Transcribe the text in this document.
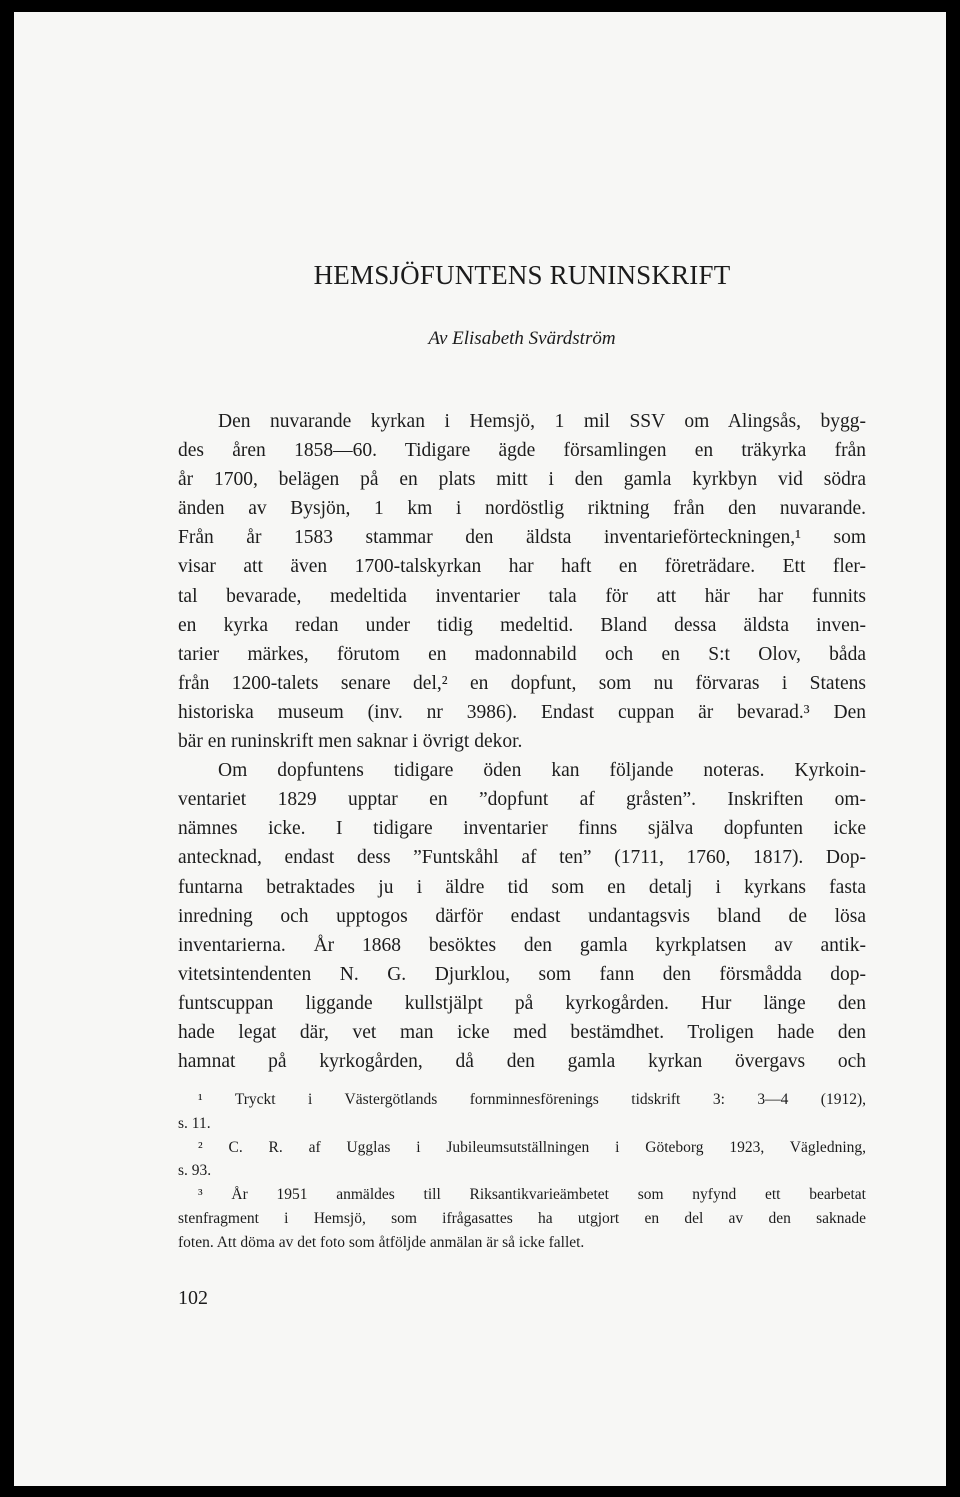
HEMSJÖFUNTENS RUNINSKRIFT
Av Elisabeth Svärdström
Den nuvarande kyrkan i Hemsjö, 1 mil SSV om Alingsås, bygg-
des åren 1858—60. Tidigare ägde församlingen en träkyrka från
år 1700, belägen på en plats mitt i den gamla kyrkbyn vid södra
änden av Bysjön, 1 km i nordöstlig riktning från den nuvarande.
Från år 1583 stammar den äldsta inventarieförteckningen,¹ som
visar att även 1700-talskyrkan har haft en företrädare. Ett fler-
tal bevarade, medeltida inventarier tala för att här har funnits
en kyrka redan under tidig medeltid. Bland dessa äldsta inven-
tarier märkes, förutom en madonnabild och en S:t Olov, båda
från 1200-talets senare del,² en dopfunt, som nu förvaras i Statens
historiska museum (inv. nr 3986). Endast cuppan är bevarad.³ Den
bär en runinskrift men saknar i övrigt dekor.
Om dopfuntens tidigare öden kan följande noteras. Kyrkoin-
ventariet 1829 upptar en ”dopfunt af gråsten”. Inskriften om-
nämnes icke. I tidigare inventarier finns själva dopfunten icke
antecknad, endast dess ”Funtskåhl af ten” (1711, 1760, 1817). Dop-
funtarna betraktades ju i äldre tid som en detalj i kyrkans fasta
inredning och upptogos därför endast undantagsvis bland de lösa
inventarierna. År 1868 besöktes den gamla kyrkplatsen av antik-
vitetsintendenten N. G. Djurklou, som fann den försmådda dop-
funtscuppan liggande kullstjälpt på kyrkogården. Hur länge den
hade legat där, vet man icke med bestämdhet. Troligen hade den
hamnat på kyrkogården, då den gamla kyrkan övergavs och
¹ Tryckt i Västergötlands fornminnesförenings tidskrift 3: 3—4 (1912),
s. 11.
² C. R. af Ugglas i Jubileumsutställningen i Göteborg 1923, Vägledning,
s. 93.
³ År 1951 anmäldes till Riksantikvarieämbetet som nyfynd ett bearbetat
stenfragment i Hemsjö, som ifrågasattes ha utgjort en del av den saknade
foten. Att döma av det foto som åtföljde anmälan är så icke fallet.
102
